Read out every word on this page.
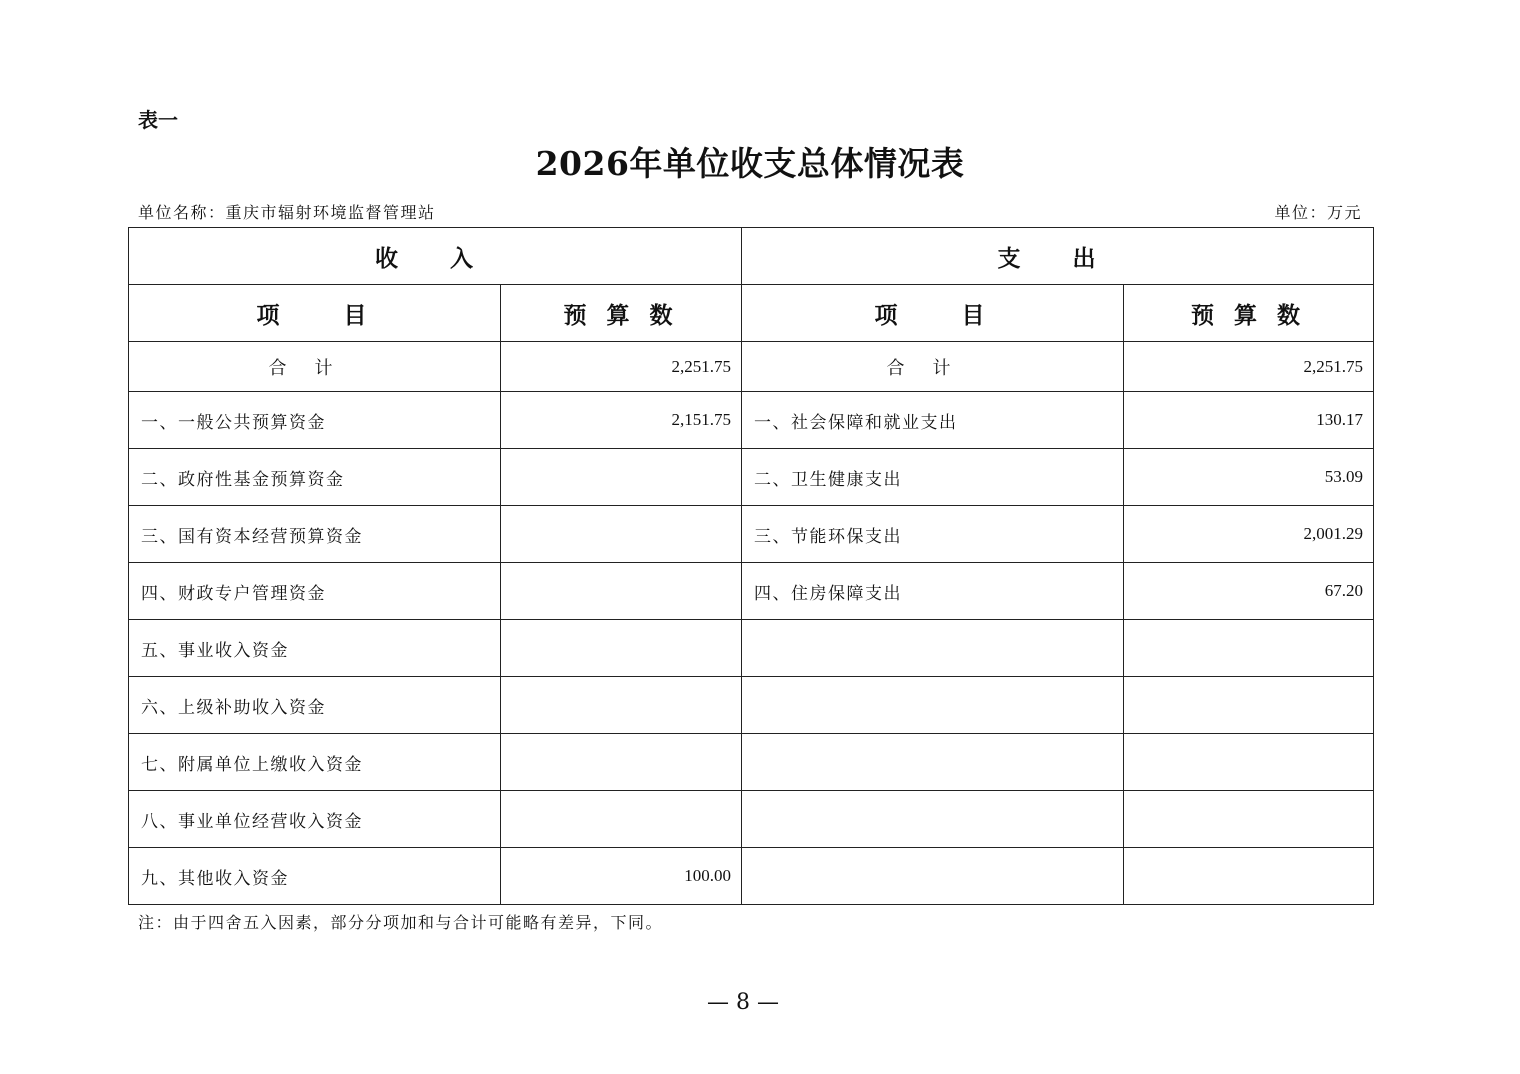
表一
2026年单位收支总体情况表
单位名称：重庆市辐射环境监督管理站	单位：万元
收 入		支 出	
项　　目	预 算 数	项　　目	预 算 数
合计	2,251.75	合计	2,251.75
一、一般公共预算资金	2,151.75	一、社会保障和就业支出	130.17
二、政府性基金预算资金		二、卫生健康支出	53.09
三、国有资本经营预算资金		三、节能环保支出	2,001.29
四、财政专户管理资金		四、住房保障支出	67.20
五、事业收入资金			
六、上级补助收入资金			
七、附属单位上缴收入资金			
八、事业单位经营收入资金			
九、其他收入资金	100.00		
注：由于四舍五入因素，部分分项加和与合计可能略有差异，下同。
— 8 —
